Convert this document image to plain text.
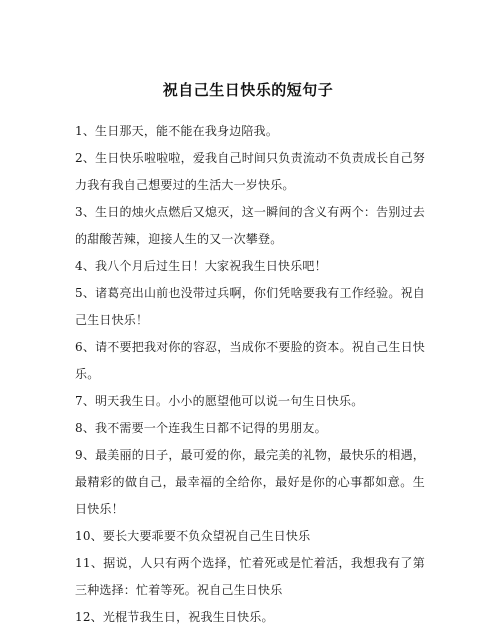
祝自己生日快乐的短句子
1、生日那天，能不能在我身边陪我。
2、生日快乐啦啦啦，爱我自己时间只负责流动不负责成长自己努力我有我自己想要过的生活大一岁快乐。
3、生日的烛火点燃后又熄灭，这一瞬间的含义有两个：告别过去的甜酸苦辣，迎接人生的又一次攀登。
4、我八个月后过生日！大家祝我生日快乐吧！
5、诸葛亮出山前也没带过兵啊，你们凭啥要我有工作经验。祝自己生日快乐！
6、请不要把我对你的容忍，当成你不要脸的资本。祝自己生日快乐。
7、明天我生日。小小的愿望他可以说一句生日快乐。
8、我不需要一个连我生日都不记得的男朋友。
9、最美丽的日子，最可爱的你，最完美的礼物，最快乐的相遇，最精彩的做自己，最幸福的全给你，最好是你的心事都如意。生日快乐！
10、要长大要乖要不负众望祝自己生日快乐
11、据说，人只有两个选择，忙着死或是忙着活，我想我有了第三种选择：忙着等死。祝自己生日快乐
12、光棍节我生日，祝我生日快乐。
